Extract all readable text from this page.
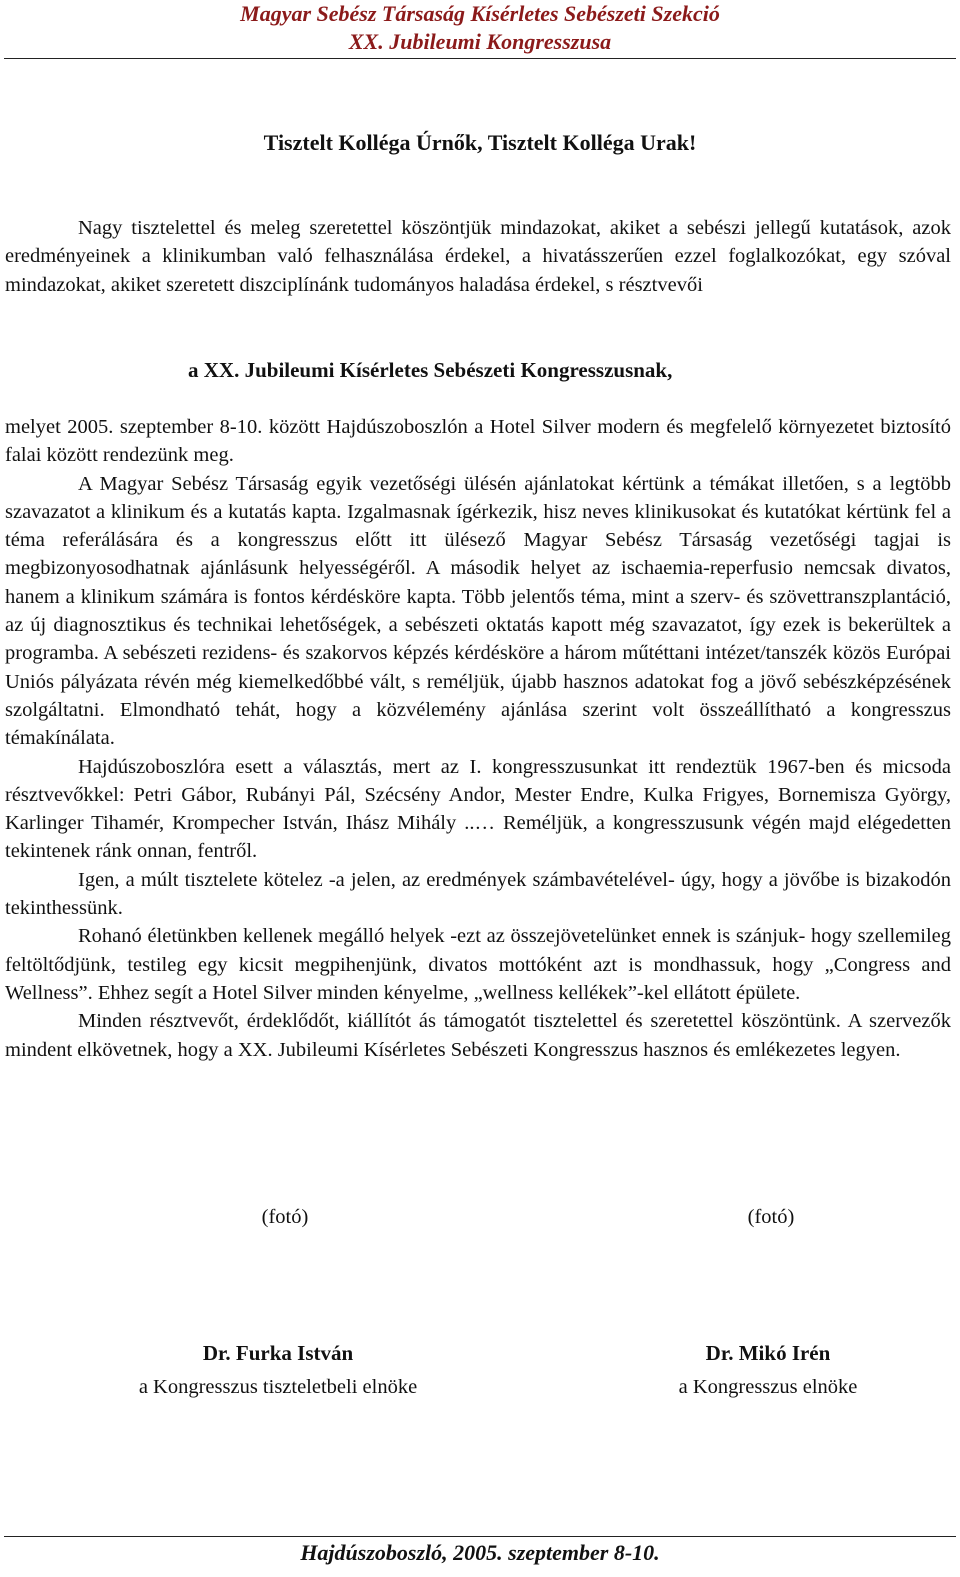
Magyar Sebész Társaság Kísérletes Sebészeti Szekció
XX. Jubileumi Kongresszusa
Tisztelt Kolléga Úrnők, Tisztelt Kolléga Urak!

Nagy tisztelettel és meleg szeretettel köszöntjük mindazokat, akiket a sebészi jellegű kutatások, azok eredményeinek a klinikumban való felhasználása érdekel, a hivatásszerűen ezzel foglalkozókat, egy szóval mindazokat, akiket szeretett diszciplínánk tudományos haladása érdekel, s résztvevői

a XX. Jubileumi Kísérletes Sebészeti Kongresszusnak,

melyet 2005. szeptember 8-10. között Hajdúszoboszlón a Hotel Silver modern és megfelelő környezetet biztosító falai között rendezünk meg.

A Magyar Sebész Társaság egyik vezetőségi ülésén ajánlatokat kértünk a témákat illetően, s a legtöbb szavazatot a klinikum és a kutatás kapta. Izgalmasnak ígérkezik, hisz neves klinikusokat és kutatókat kértünk fel a téma referálására és a kongresszus előtt itt ülésező Magyar Sebész Társaság vezetőségi tagjai is megbizonyosodhatnak ajánlásunk helyességéről. A második helyet az ischaemia-reperfusio nemcsak divatos, hanem a klinikum számára is fontos kérdésköre kapta. Több jelentős téma, mint a szerv- és szövettranszplantáció, az új diagnosztikus és technikai lehetőségek, a sebészeti oktatás kapott még szavazatot, így ezek is bekerültek a programba. A sebészeti rezidens- és szakorvos képzés kérdésköre a három műtéttani intézet/tanszék közös Európai Uniós pályázata révén még kiemelkedőbbé vált, s reméljük, újabb hasznos adatokat fog a jövő sebészképzésének szolgáltatni. Elmondható tehát, hogy a közvélemény ajánlása szerint volt összeállítható a kongresszus témakínálata.

Hajdúszoboszlóra esett a választás, mert az I. kongresszusunkat itt rendeztük 1967-ben és micsoda résztvevőkkel: Petri Gábor, Rubányi Pál, Szécsény Andor, Mester Endre, Kulka Frigyes, Bornemisza György, Karlinger Tihamér, Krompecher István, Ihász Mihály ..… Reméljük, a kongresszusunk végén majd elégedetten tekintenek ránk onnan, fentről.

Igen, a múlt tisztelete kötelez -a jelen, az eredmények számbavételével- úgy, hogy a jövőbe is bizakodón tekinthessünk.

Rohanó életünkben kellenek megálló helyek -ezt az összejövetelünket ennek is szánjuk- hogy szellemileg feltöltődjünk, testileg egy kicsit megpihenjünk, divatos mottóként azt is mondhassuk, hogy „Congress and Wellness”. Ehhez segít a Hotel Silver minden kényelme, „wellness kellékek”-kel ellátott épülete.

Minden résztvevőt, érdeklődőt, kiállítót ás támogatót tisztelettel és szeretettel köszöntünk. A szervezők mindent elkövetnek, hogy a XX. Jubileumi Kísérletes Sebészeti Kongresszus hasznos és emlékezetes legyen.

(fotó)	(fotó)
Dr. Furka István
a Kongresszus tiszteletbeli elnöke
Dr. Mikó Irén
a Kongresszus elnöke
Hajdúszoboszló, 2005. szeptember 8-10.
